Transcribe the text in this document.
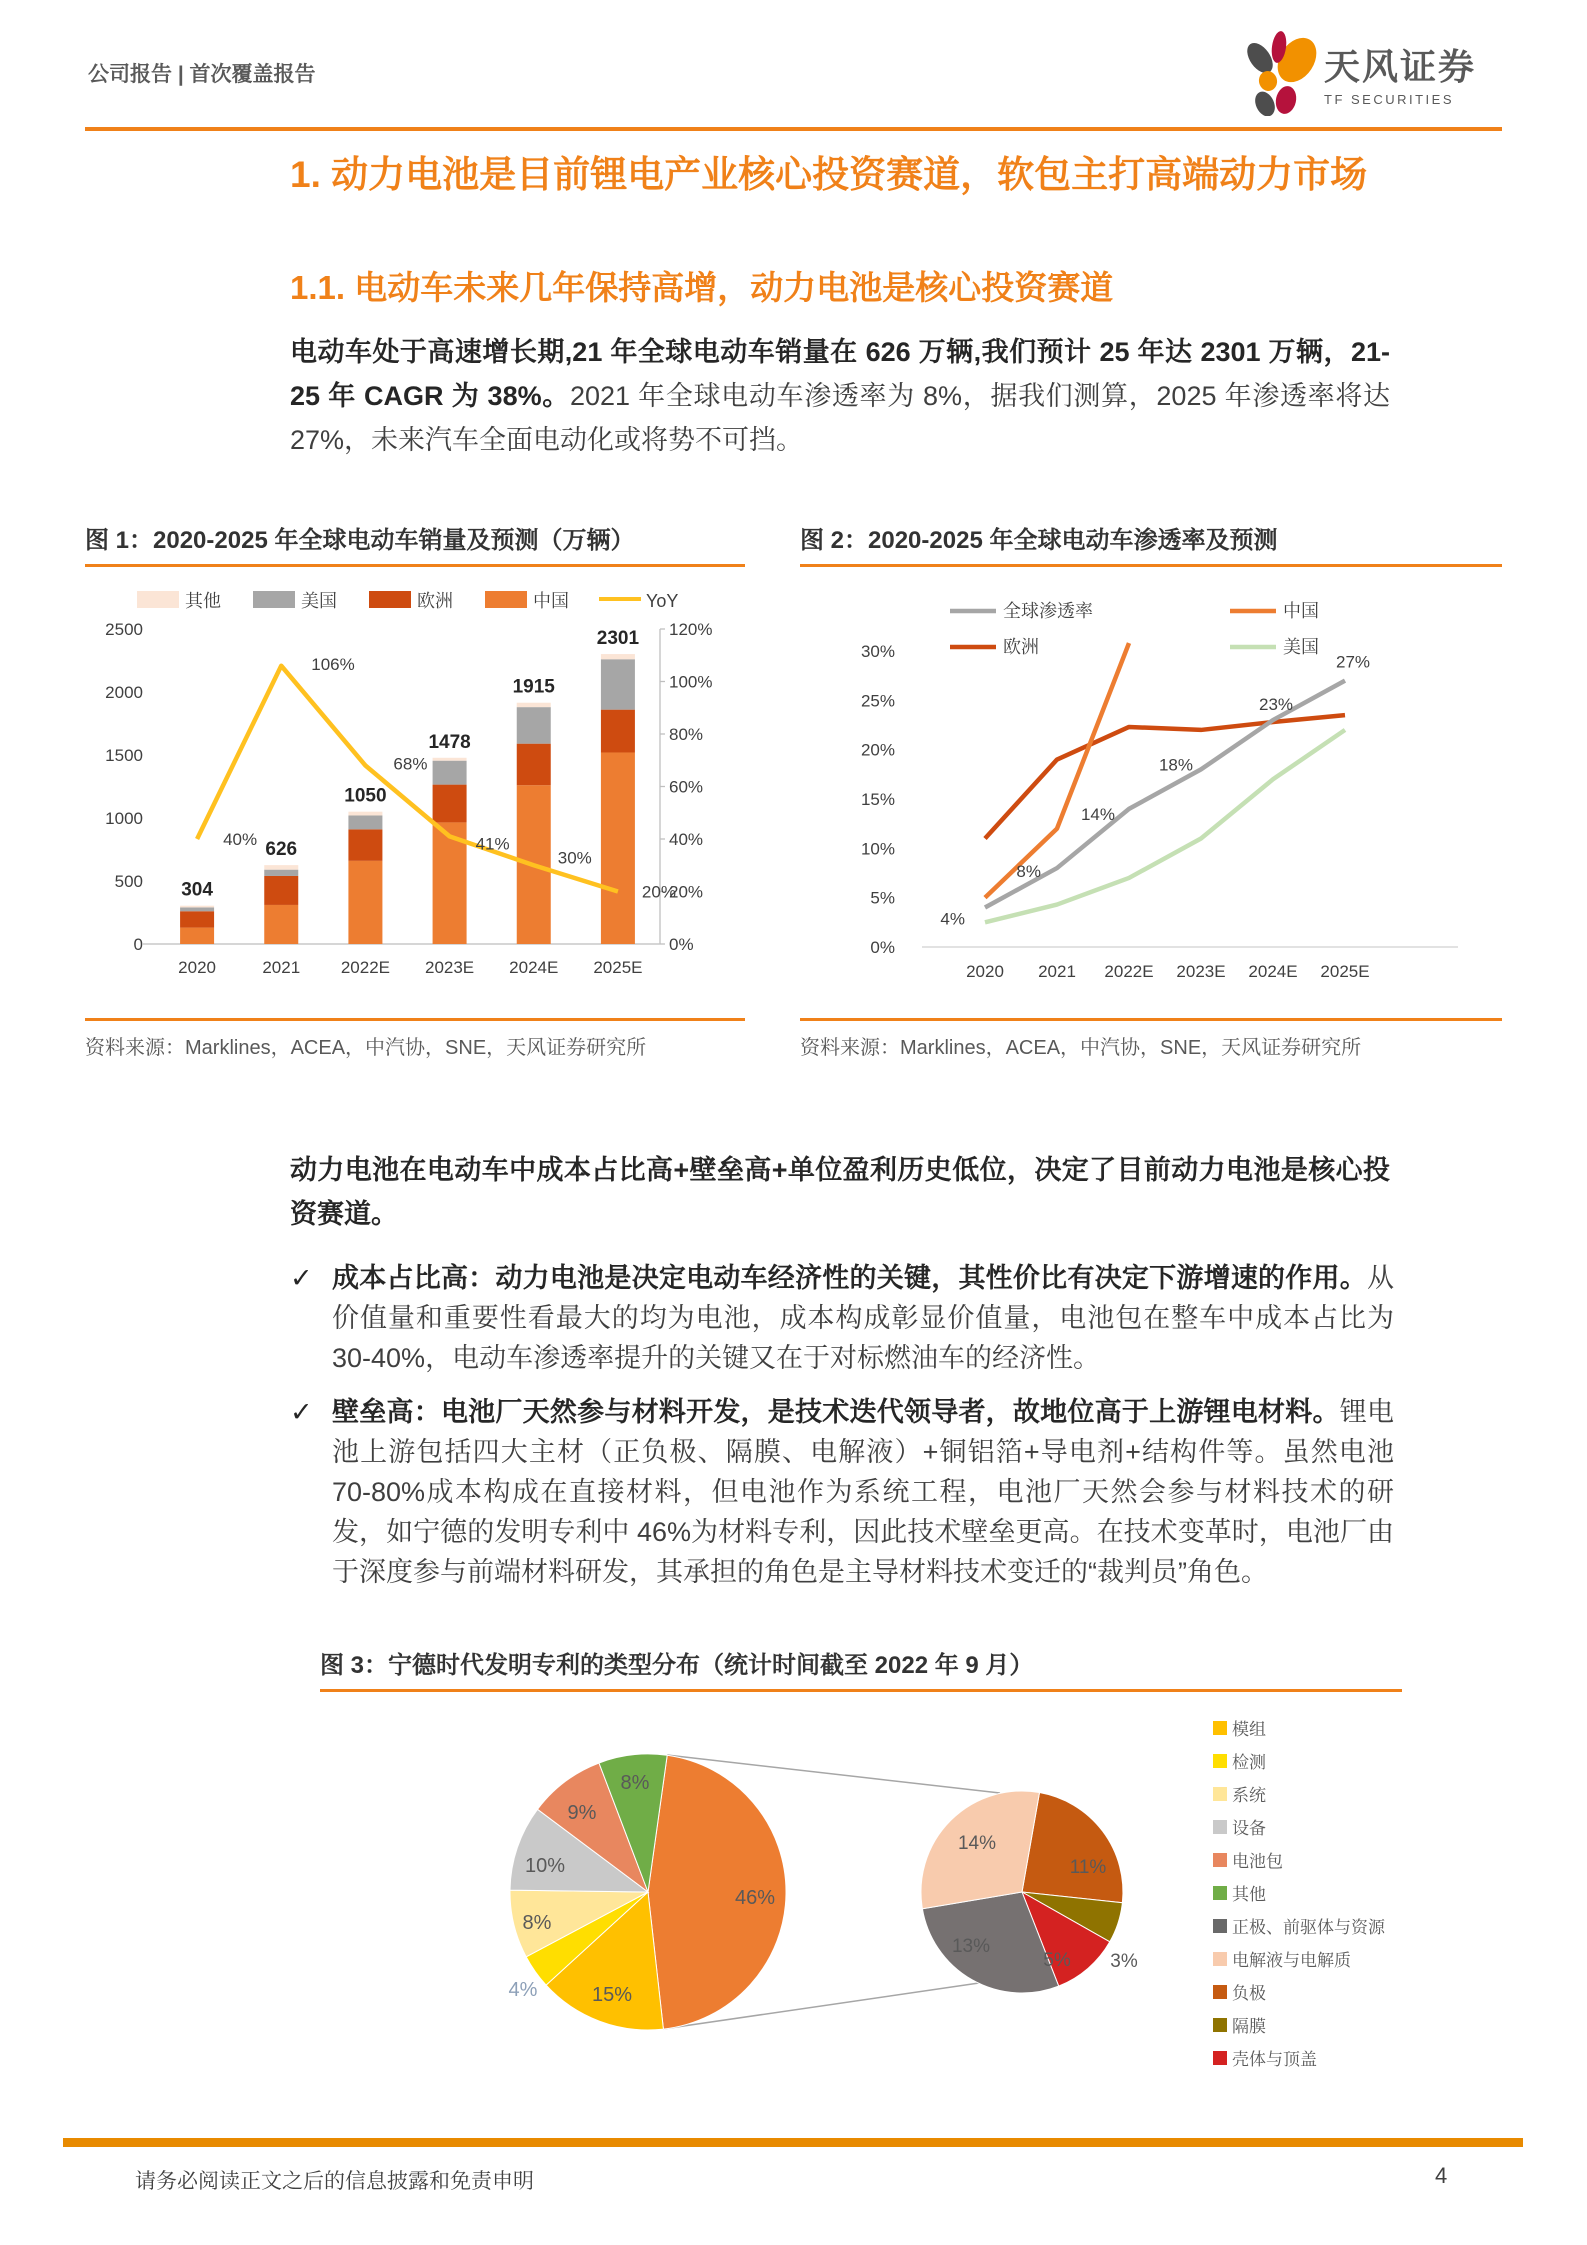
公司报告 | 首次覆盖报告	天风证券
TF SECURITIES
1. 动力电池是目前锂电产业核心投资赛道，软包主打高端动力市场
1.1. 电动车未来几年保持高增，动力电池是核心投资赛道
电动车处于高速增长期,21 年全球电动车销量在 626 万辆,我们预计 25 年达 2301 万辆，21-25 年 CAGR 为 38%。2021 年全球电动车渗透率为 8%，据我们测算，2025 年渗透率将达 27%，未来汽车全面电动化或将势不可挡。
图 1：2020-2025 年全球电动车销量及预测（万辆）
其他	美国	欧洲	中国	YoY
0
500
1000
1500
2000
2500
0%
20%
40%
60%
80%
100%
120%
304
2020
626
2021
1050
2022E
1478
2023E
1915
2024E
2301
2025E
40%
106%
68%
41%
30%
20%
资料来源：Marklines，ACEA，中汽协，SNE，天风证券研究所
图 2：2020-2025 年全球电动车渗透率及预测
全球渗透率	中国
欧洲	美国
0%
5%
10%
15%
20%
25%
30%
2020 2021 2022E 2023E 2024E 2025E
4%
8%
14%
18%
23%
27%
资料来源：Marklines，ACEA，中汽协，SNE，天风证券研究所
动力电池在电动车中成本占比高+壁垒高+单位盈利历史低位，决定了目前动力电池是核心投资赛道。
✓ 成本占比高：动力电池是决定电动车经济性的关键，其性价比有决定下游增速的作用。从价值量和重要性看最大的均为电池，成本构成彰显价值量，电池包在整车中成本占比为 30-40%，电动车渗透率提升的关键又在于对标燃油车的经济性。
✓ 壁垒高：电池厂天然参与材料开发，是技术迭代领导者，故地位高于上游锂电材料。锂电池上游包括四大主材（正负极、隔膜、电解液）+铜铝箔+导电剂+结构件等。虽然电池 70-80%成本构成在直接材料，但电池作为系统工程，电池厂天然会参与材料技术的研发，如宁德的发明专利中 46%为材料专利，因此技术壁垒更高。在技术变革时，电池厂由于深度参与前端材料研发，其承担的角色是主导材料技术变迁的“裁判员”角色。
图 3：宁德时代发明专利的类型分布（统计时间截至 2022 年 9 月）
46%
15%
4%
8%
10%
9%
8%
11%
3%
5%
13%
14%
模组
检测
系统
设备
电池包
其他
正极、前驱体与资源
电解液与电解质
负极
隔膜
壳体与顶盖
请务必阅读正文之后的信息披露和免责申明	4
